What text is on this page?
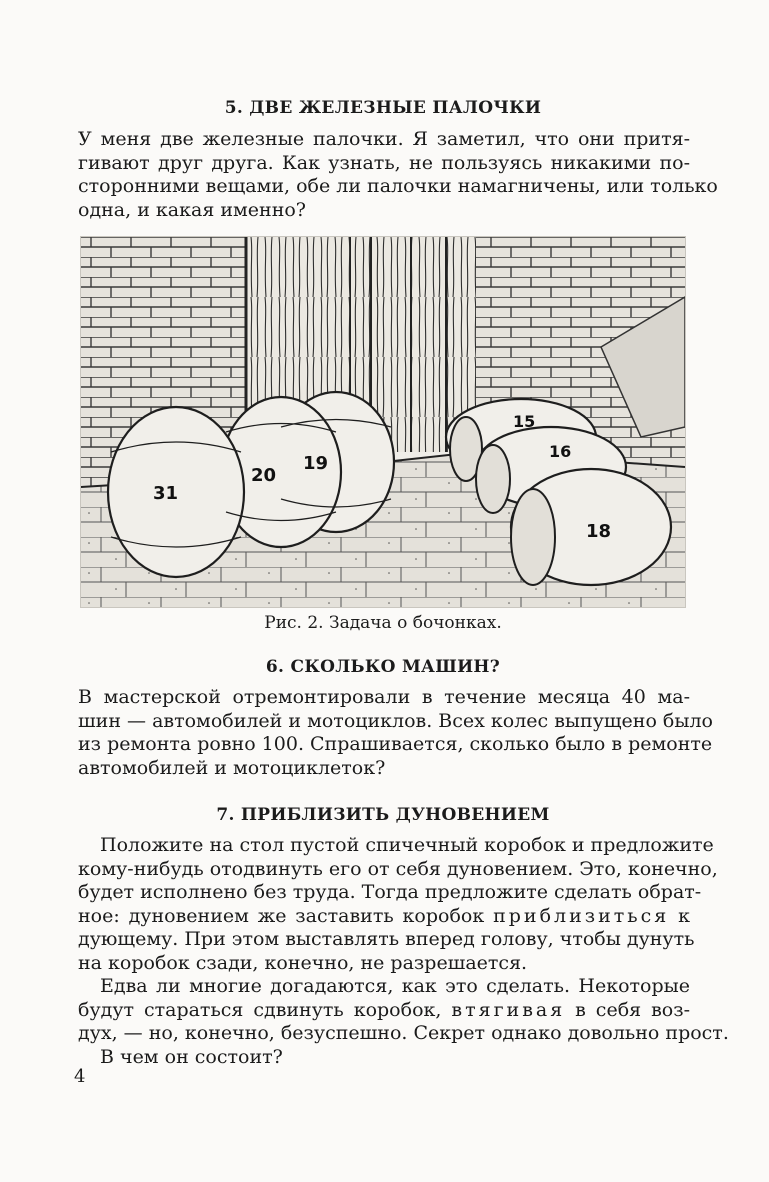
5. ДВЕ ЖЕЛЕЗНЫЕ ПАЛОЧКИ

У меня две железные палочки. Я заметил, что они притя-
гивают друг друга. Как узнать, не пользуясь никакими по-
сторонними вещами, обе ли палочки намагничены, или только
одна, и какая именно?

31
20
19
15
16
18
Рис. 2. Задача о бочонках.
6. СКОЛЬКО МАШИН?

В мастерской отремонтировали в течение месяца 40 ма-
шин — автомобилей и мотоциклов. Всех колес выпущено было
из ремонта ровно 100. Спрашивается, сколько было в ремонте
автомобилей и мотоциклеток?

7. ПРИБЛИЗИТЬ ДУНОВЕНИЕМ

Положите на стол пустой спичечный коробок и предложите
кому-нибудь отодвинуть его от себя дуновением. Это, конечно,
будет исполнено без труда. Тогда предложите сделать обрат-
ное: дуновением же заставить коробок приблизиться к
дующему. При этом выставлять вперед голову, чтобы дунуть
на коробок сзади, конечно, не разрешается.

Едва ли многие догадаются, как это сделать. Некоторые
будут стараться сдвинуть коробок, втягивая в себя воз-
дух, — но, конечно, безуспешно. Секрет однако довольно прост.
В чем он состоит?

4
